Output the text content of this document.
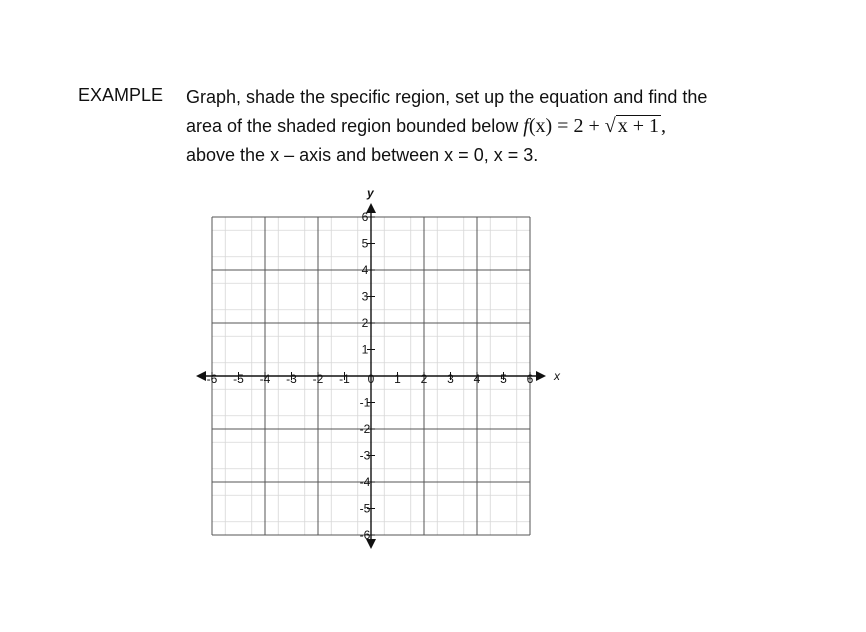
EXAMPLE Graph, shade the specific region, set up the equation and find the
area of the shaded region bounded below f(x) = 2 + √ x + 1 ,
above the x – axis and between x = 0, x = 3.
-6 -5 -4 -3 -2 -1 0 1 2 3 4 5 6
6
5
4
3
2
1
-1
-2
-3
-4
-5
-6
x
y
